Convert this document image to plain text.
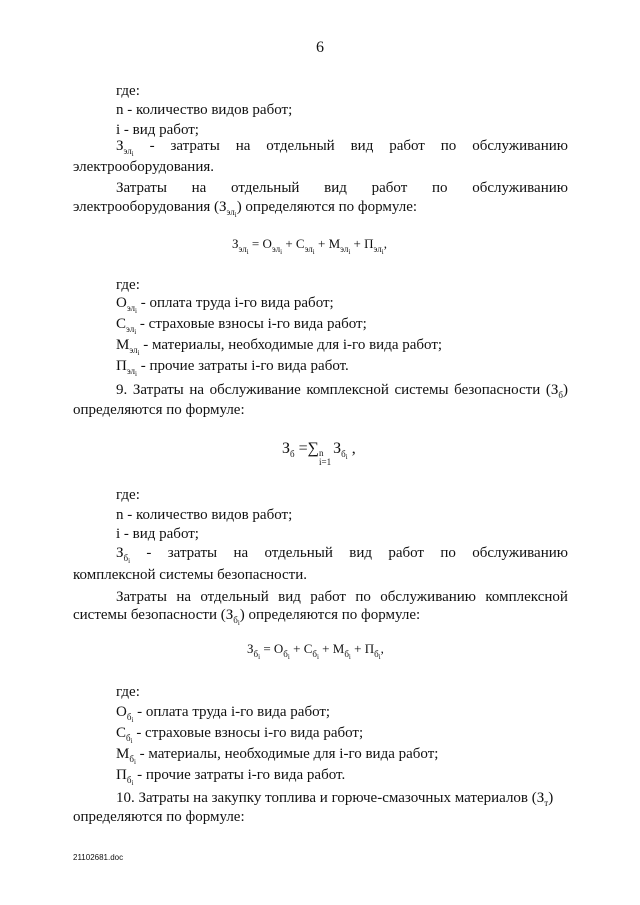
6
где:
n - количество видов работ;
i - вид работ;
$З_{эл_i}$ - затраты на отдельный вид работ по обслуживанию
электрооборудования.
Затраты на отдельный вид работ по обслуживанию
электрооборудования $(З_{эл_i})$ определяются по формуле:
$З_{эл_i} = О_{эл_i} + С_{эл_i} + М_{эл_i} + П_{эл_i}$,
где:
$О_{эл_i}$ - оплата труда i-го вида работ;
$С_{эл_i}$ - страховые взносы i-го вида работ;
$М_{эл_i}$ - материалы, необходимые для i-го вида работ;
$П_{эл_i}$ - прочие затраты i-го вида работ.
9. Затраты на обслуживание комплексной системы безопасности $(З_б)$
определяются по формуле:
$З_б$ =∑ n
i=1
$З_{б_i}$ ,
где:
n - количество видов работ;
i - вид работ;
$З_{б_i}$ - затраты на отдельный вид работ по обслуживанию
комплексной системы безопасности.
Затраты на отдельный вид работ по обслуживанию комплексной
системы безопасности $(З_{б_i})$ определяются по формуле:
$З_{б_i} = О_{б_i} + С_{б_i} + М_{б_i} + П_{б_i}$,
где:
$О_{б_i}$ - оплата труда i-го вида работ;
$С_{б_i}$ - страховые взносы i-го вида работ;
$М_{б_i}$ - материалы, необходимые для i-го вида работ;
$П_{б_i}$ - прочие затраты i-го вида работ.
10. Затраты на закупку топлива и горюче-смазочных материалов $(З_т)$
определяются по формуле:
21102681.doc
